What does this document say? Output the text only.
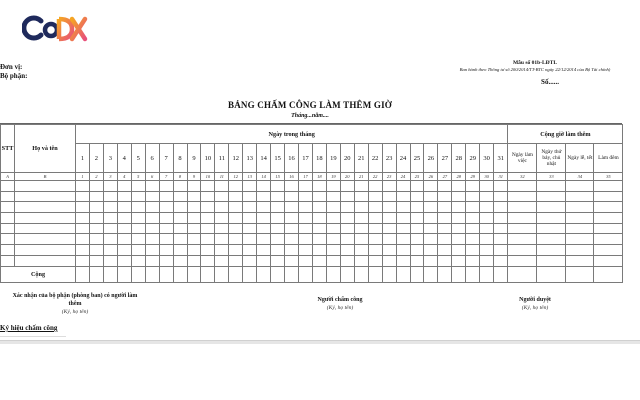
Đơn vị:
Bộ phận:
Mẫu số 01b-LĐTL
Ban hành theo Thông tư số 200/2014/TT-BTC ngày 22/12/2014 của Bộ Tài chính)
Số......
BẢNG CHẤM CÔNG LÀM THÊM GIỜ
Tháng...năm....
STT	Họ và tên	Ngày trong tháng																															Cộng giờ làm thêm			
		1	2	3	4	5	6	7	8	9	10	11	12	13	14	15	16	17	18	19	20	21	22	23	24	25	26	27	28	29	30	31	Ngày làm việc	Ngày thứ bảy, chủ nhật	Ngày lễ, tết	Làm đêm
A	B	1	2	3	4	5	6	7	8	9	10	11	12	13	14	15	16	17	18	19	20	21	22	23	24	25	26	27	28	29	30	31	32	33	34	35

Cộng																																				
Xác nhận của bộ phận (phòng ban) có người làm thêm
(Ký, họ tên)
Người chấm công
(Ký, họ tên)
Người duyệt
(Ký, họ tên)
Ký hiệu chấm công
